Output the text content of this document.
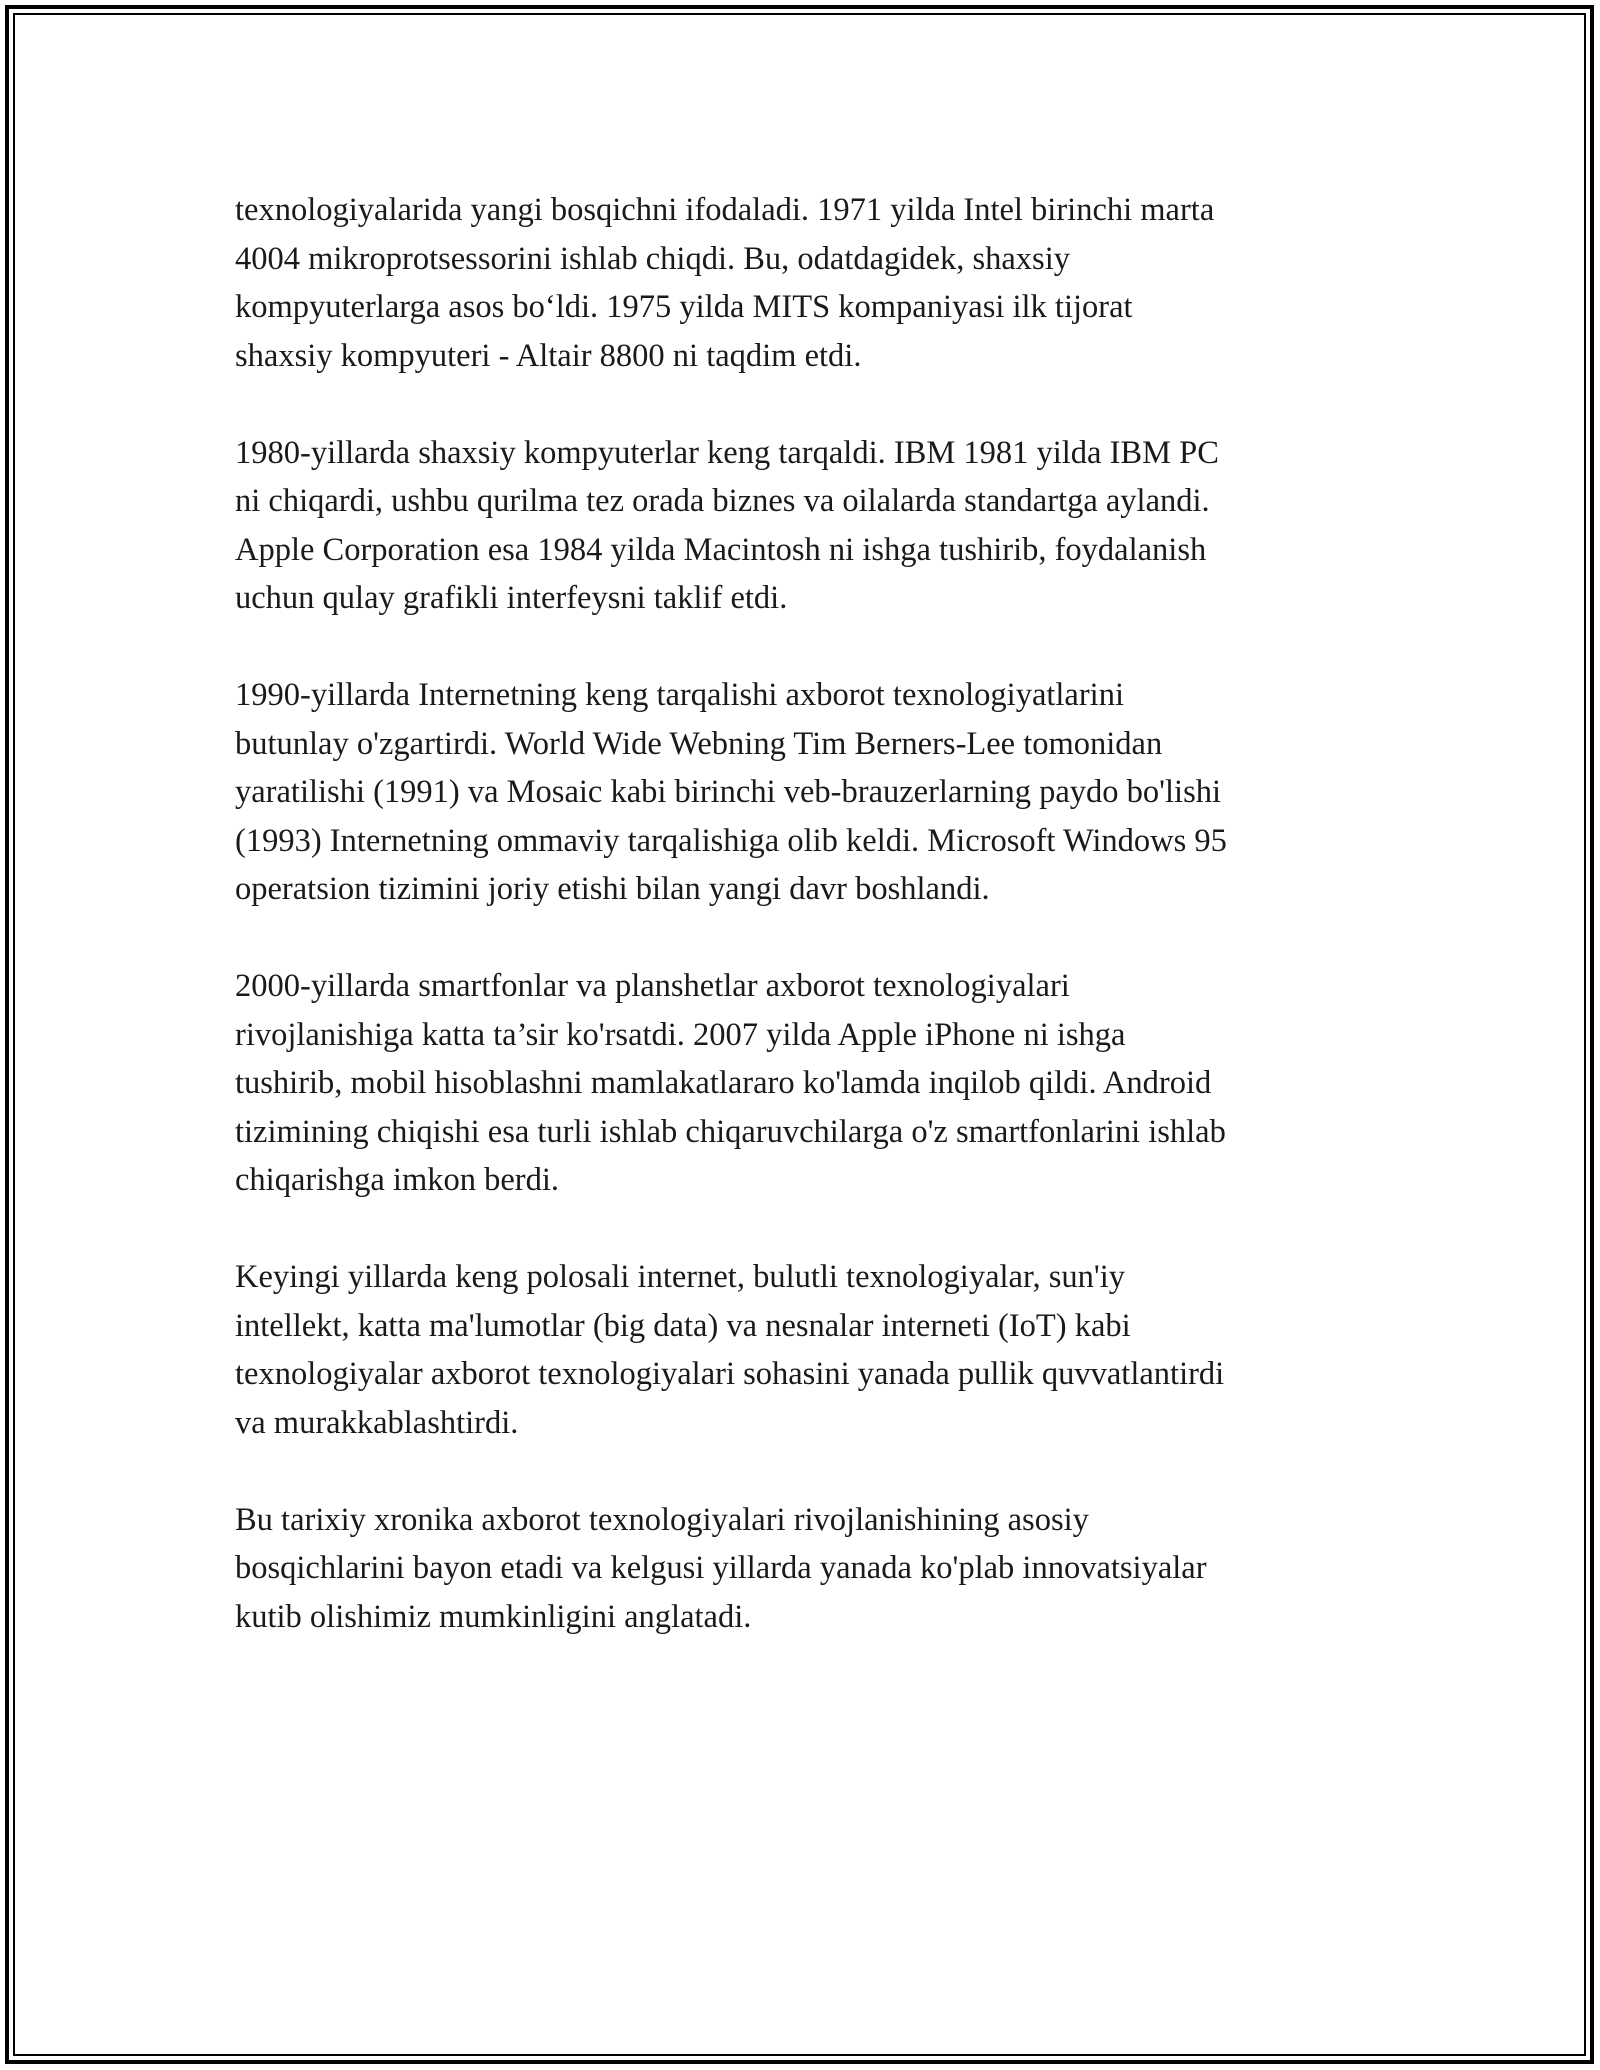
texnologiyalarida yangi bosqichni ifodaladi. 1971 yilda Intel birinchi marta
4004 mikroprotsessorini ishlab chiqdi. Bu, odatdagidek, shaxsiy
kompyuterlarga asos bo‘ldi. 1975 yilda MITS kompaniyasi ilk tijorat
shaxsiy kompyuteri - Altair 8800 ni taqdim etdi.

1980-yillarda shaxsiy kompyuterlar keng tarqaldi. IBM 1981 yilda IBM PC
ni chiqardi, ushbu qurilma tez orada biznes va oilalarda standartga aylandi.
Apple Corporation esa 1984 yilda Macintosh ni ishga tushirib, foydalanish
uchun qulay grafikli interfeysni taklif etdi.

1990-yillarda Internetning keng tarqalishi axborot texnologiyatlarini
butunlay o'zgartirdi. World Wide Webning Tim Berners-Lee tomonidan
yaratilishi (1991) va Mosaic kabi birinchi veb-brauzerlarning paydo bo'lishi
(1993) Internetning ommaviy tarqalishiga olib keldi. Microsoft Windows 95
operatsion tizimini joriy etishi bilan yangi davr boshlandi.

2000-yillarda smartfonlar va planshetlar axborot texnologiyalari
rivojlanishiga katta ta’sir ko'rsatdi. 2007 yilda Apple iPhone ni ishga
tushirib, mobil hisoblashni mamlakatlararo ko'lamda inqilob qildi. Android
tizimining chiqishi esa turli ishlab chiqaruvchilarga o'z smartfonlarini ishlab
chiqarishga imkon berdi.

Keyingi yillarda keng polosali internet, bulutli texnologiyalar, sun'iy
intellekt, katta ma'lumotlar (big data) va nesnalar interneti (IoT) kabi
texnologiyalar axborot texnologiyalari sohasini yanada pullik quvvatlantirdi
va murakkablashtirdi.

Bu tarixiy xronika axborot texnologiyalari rivojlanishining asosiy
bosqichlarini bayon etadi va kelgusi yillarda yanada ko'plab innovatsiyalar
kutib olishimiz mumkinligini anglatadi.
